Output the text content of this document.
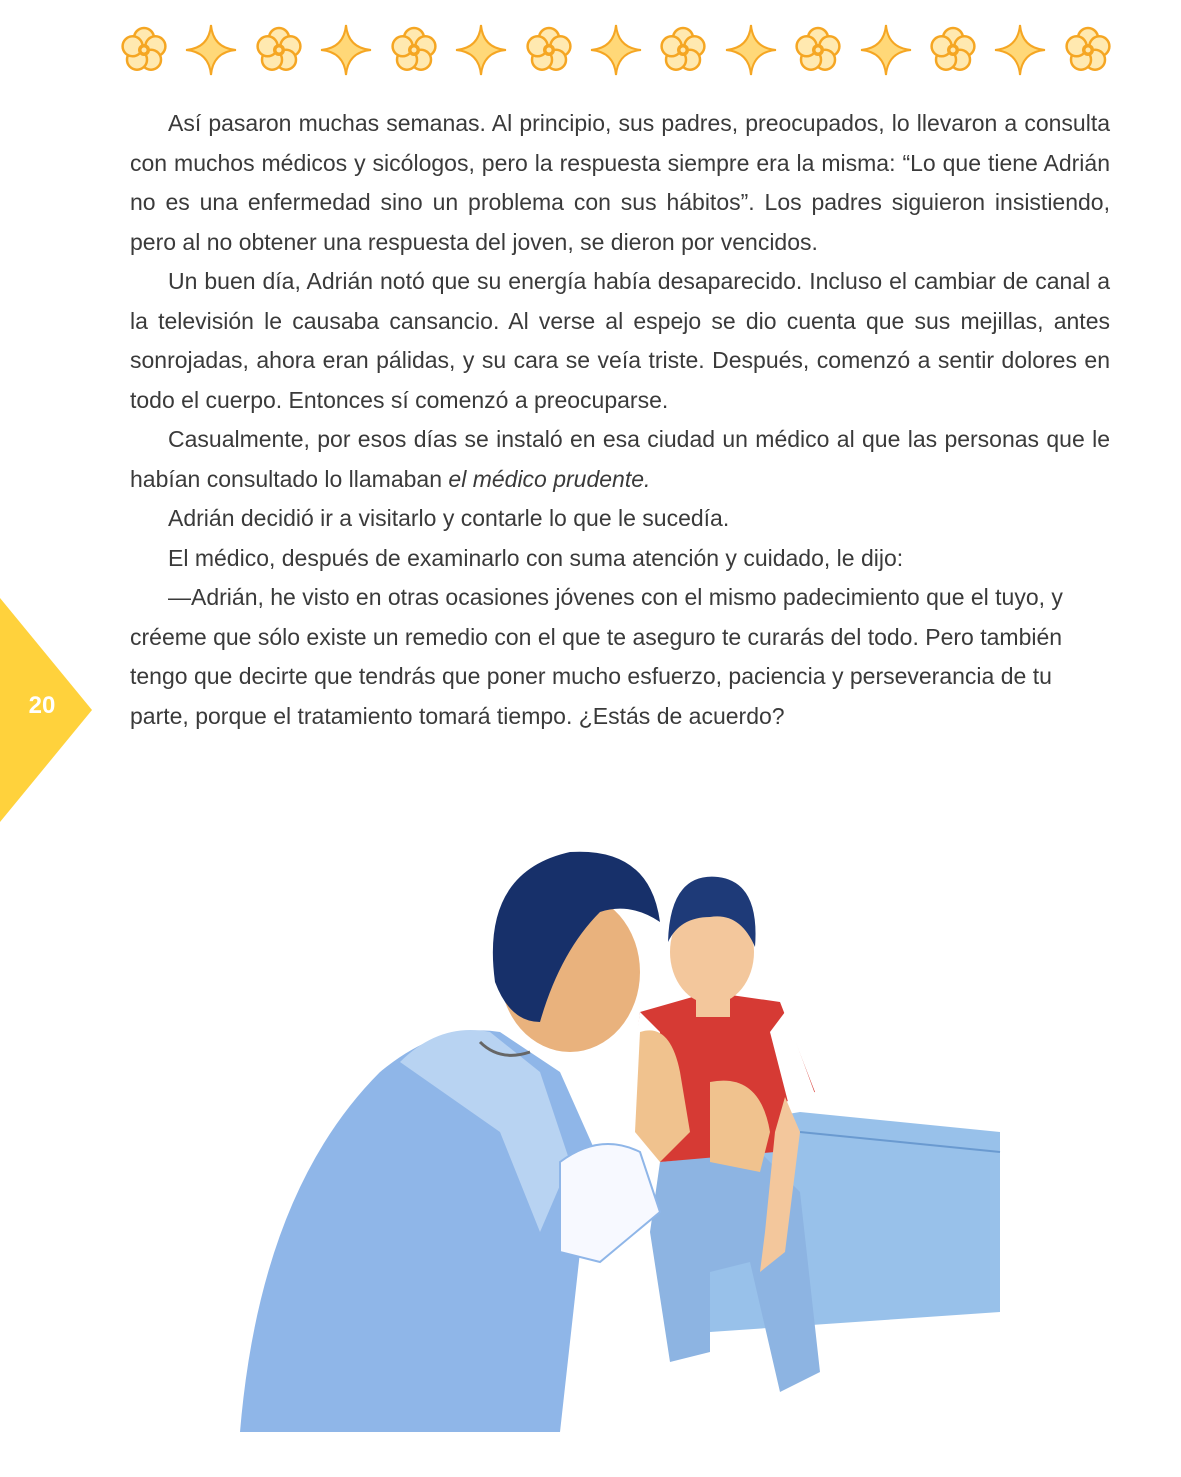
20

Así pasaron muchas semanas. Al principio, sus padres, preocupados, lo llevaron a consulta con muchos médicos y sicólogos, pero la respuesta siempre era la misma: “Lo que tiene Adrián no es una enfermedad sino un problema con sus hábitos”. Los padres siguieron insistiendo, pero al no obtener una respuesta del joven, se dieron por vencidos.

Un buen día, Adrián notó que su energía había desaparecido. Incluso el cambiar de canal a la televisión le causaba cansancio. Al verse al espejo se dio cuenta que sus mejillas, antes sonrojadas, ahora eran pálidas, y su cara se veía triste. Después, comenzó a sentir dolores en todo el cuerpo. Entonces sí comenzó a preocuparse.

Casualmente, por esos días se instaló en esa ciudad un médico al que las personas que le habían consultado lo llamaban el médico prudente.

Adrián decidió ir a visitarlo y contarle lo que le sucedía.

El médico, después de examinarlo con suma atención y cuidado, le dijo:

—Adrián, he visto en otras ocasiones jóvenes con el mismo padecimiento que el tuyo, y créeme que sólo existe un remedio con el que te aseguro te curarás del todo. Pero también tengo que decirte que tendrás que poner mucho esfuerzo, paciencia y perseverancia de tu parte, porque el tratamiento tomará tiempo. ¿Estás de acuerdo?
